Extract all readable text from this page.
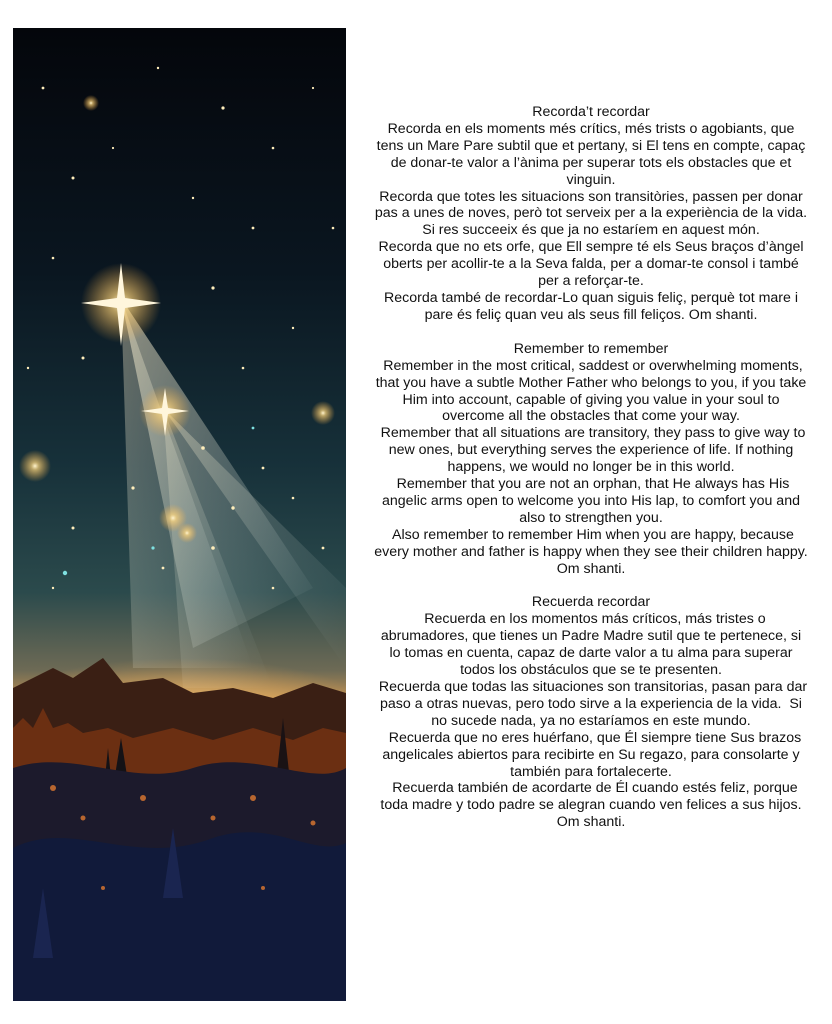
Recorda’t recordar

Recorda en els moments més crítics, més trists o agobiants, que tens un Mare Pare subtil que et pertany, si El tens en compte, capaç de donar-te valor a l’ànima per superar tots els obstacles que et vinguin.

Recorda que totes les situacions son transitòries, passen per donar pas a unes de noves, però tot serveix per a la experiència de la vida. Si res succeeix és que ja no estaríem en aquest món.

Recorda que no ets orfe, que Ell sempre té els Seus braços d’àngel oberts per acollir-te a la Seva falda, per a domar-te consol i també per a reforçar-te.

Recorda també de recordar-Lo quan siguis feliç, perquè tot mare i pare és feliç quan veu als seus fill feliços. Om shanti.

Remember to remember

Remember in the most critical, saddest or overwhelming moments, that you have a subtle Mother Father who belongs to you, if you take Him into account, capable of giving you value in your soul to overcome all the obstacles that come your way.

Remember that all situations are transitory, they pass to give way to new ones, but everything serves the experience of life. If nothing happens, we would no longer be in this world.

Remember that you are not an orphan, that He always has His angelic arms open to welcome you into His lap, to comfort you and also to strengthen you.

Also remember to remember Him when you are happy, because every mother and father is happy when they see their children happy.  Om shanti.

Recuerda recordar

Recuerda en los momentos más críticos, más tristes o abrumadores, que tienes un Padre Madre sutil que te pertenece, si lo tomas en cuenta, capaz de darte valor a tu alma para superar todos los obstáculos que se te presenten.

Recuerda que todas las situaciones son transitorias, pasan para dar paso a otras nuevas, pero todo sirve a la experiencia de la vida.  Si no sucede nada, ya no estaríamos en este mundo.

Recuerda que no eres huérfano, que Él siempre tiene Sus brazos angelicales abiertos para recibirte en Su regazo, para consolarte y también para fortalecerte.

Recuerda también de acordarte de Él cuando estés feliz, porque toda madre y todo padre se alegran cuando ven felices a sus hijos.  Om shanti.
